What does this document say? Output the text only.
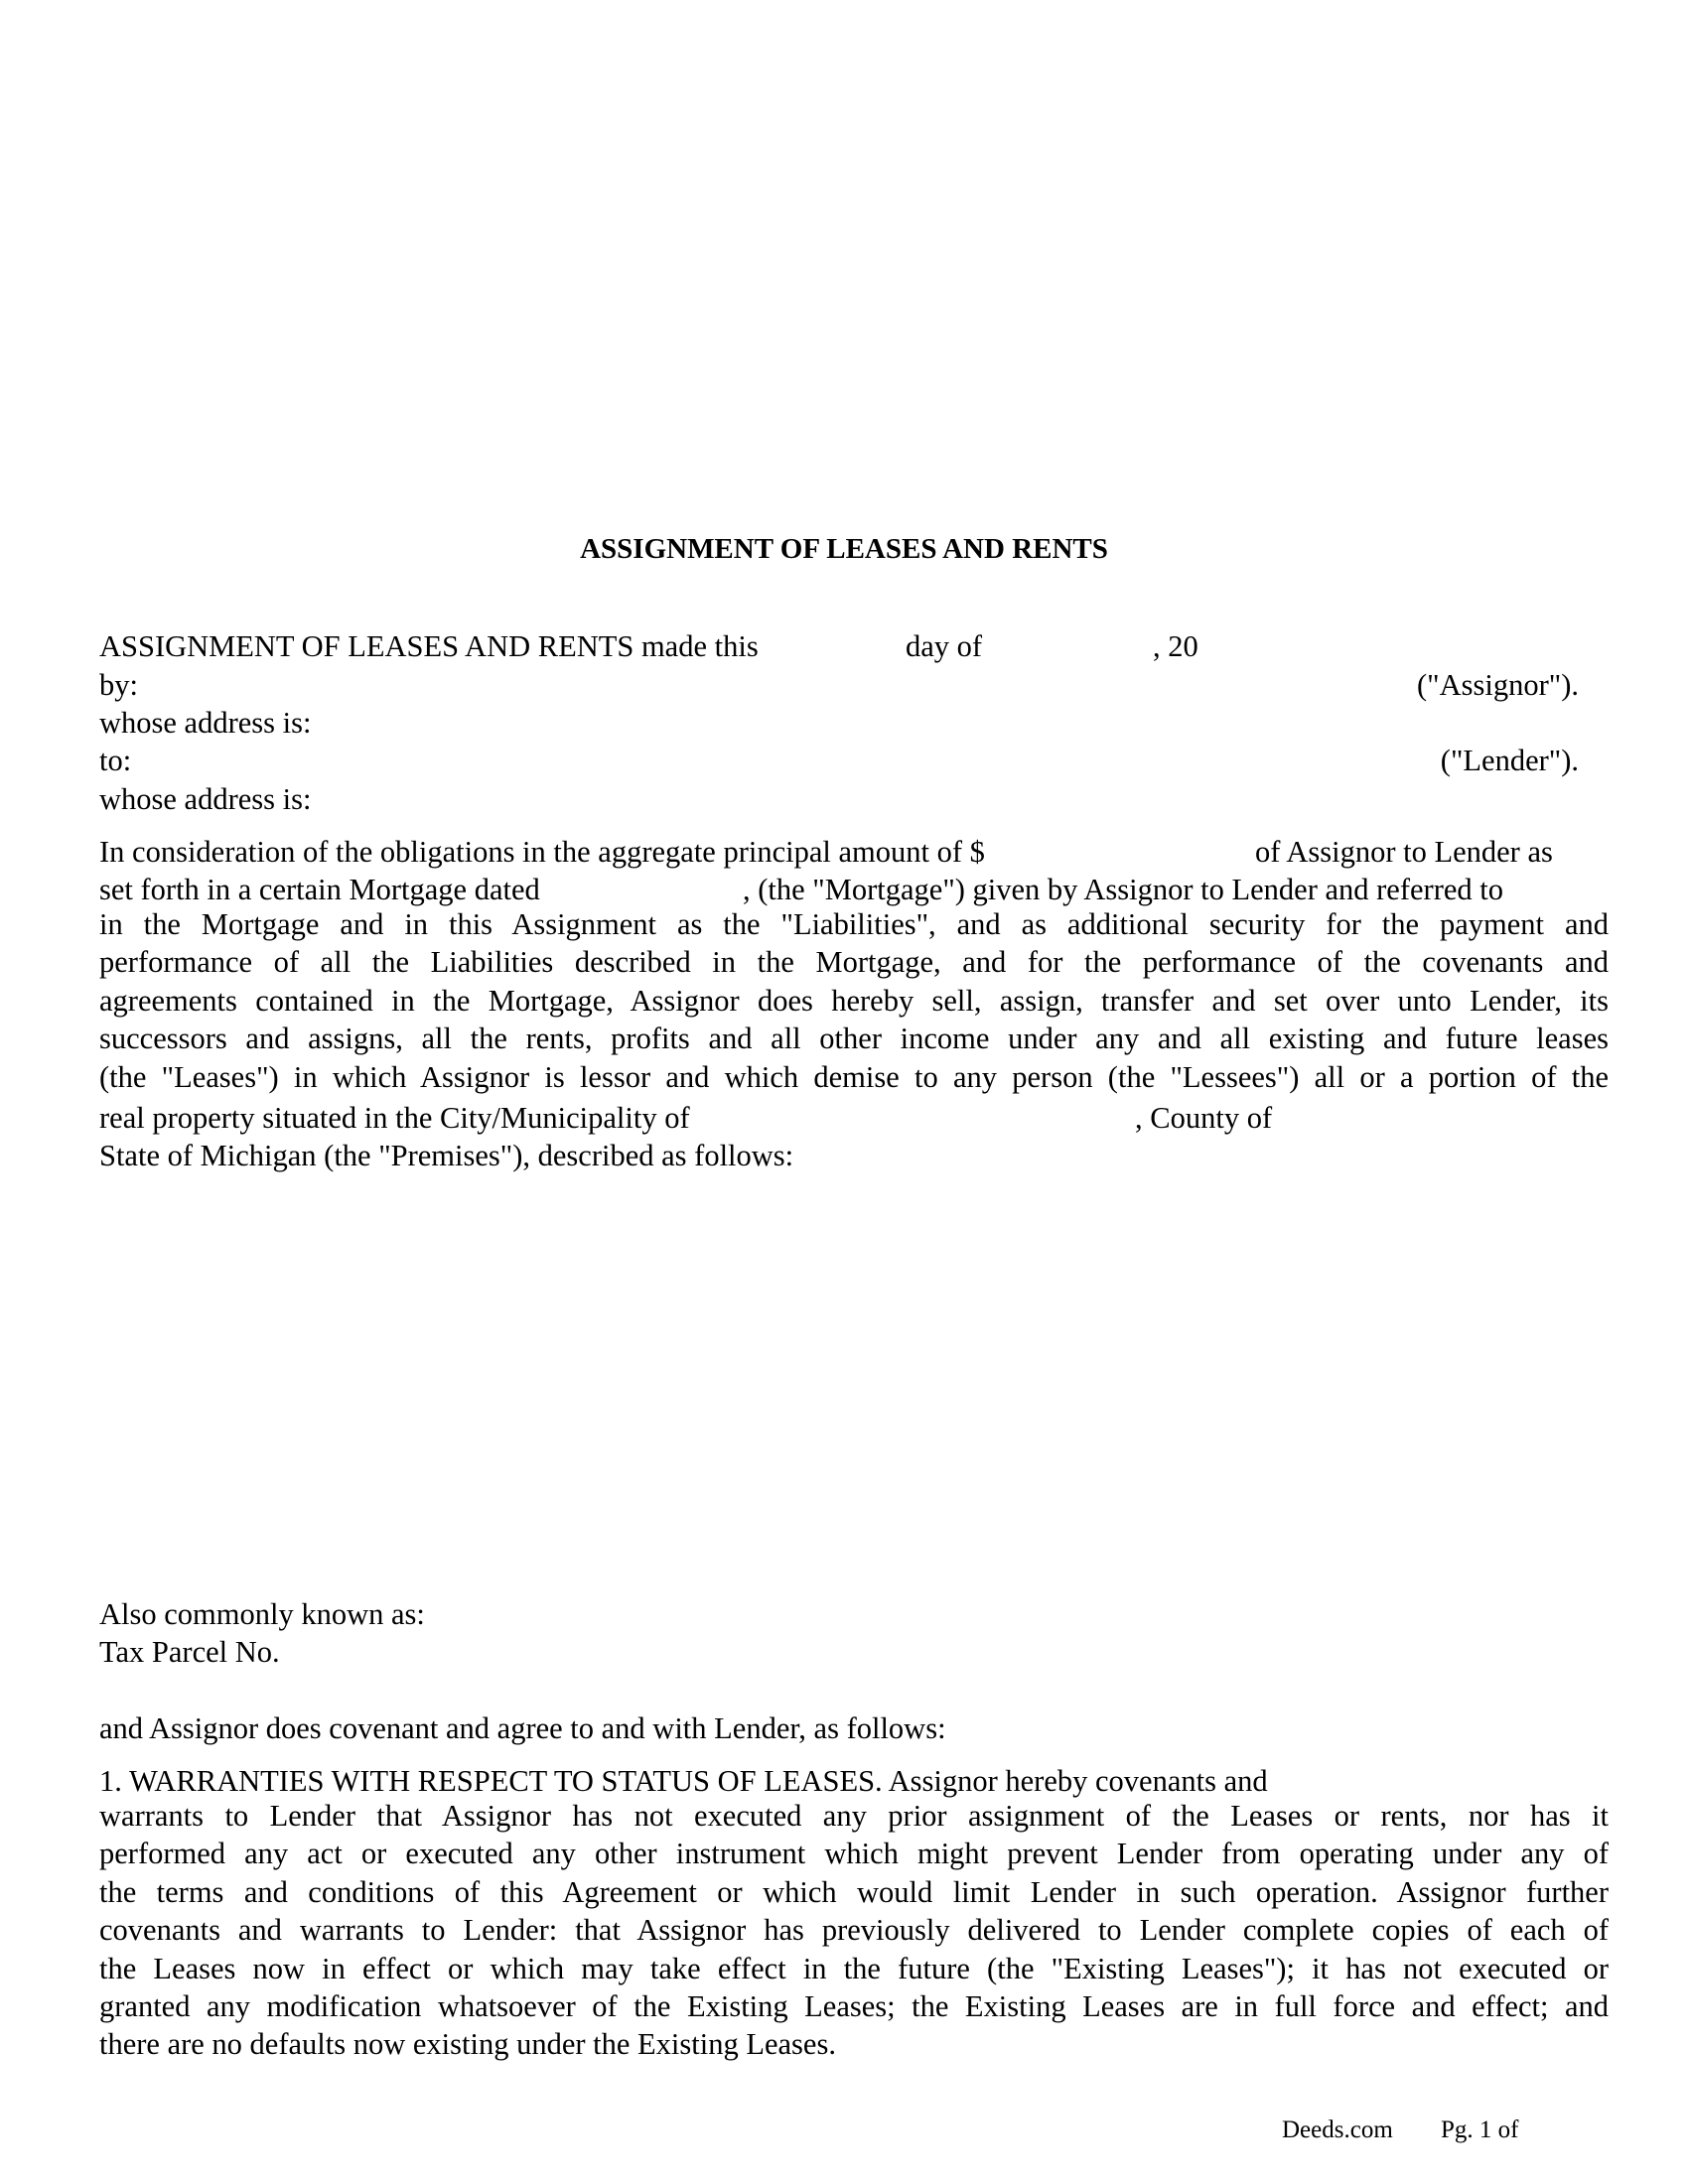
ASSIGNMENT OF LEASES AND RENTS
ASSIGNMENT OF LEASES AND RENTS made this	day of	, 20
by:	("Assignor").
whose address is:
to:	("Lender").
whose address is:
In consideration of the obligations in the aggregate principal amount of $	of Assignor to Lender as
set forth in a certain Mortgage dated	, (the "Mortgage") given by Assignor to Lender and referred to
in the Mortgage and in this Assignment as the "Liabilities", and as additional security for the payment and
performance of all the Liabilities described in the Mortgage, and for the performance of the covenants and
agreements contained in the Mortgage, Assignor does hereby sell, assign, transfer and set over unto Lender, its
successors and assigns, all the rents, profits and all other income under any and all existing and future leases
(the "Leases") in which Assignor is lessor and which demise to any person (the "Lessees") all or a portion of the
real property situated in the City/Municipality of	, County of
State of Michigan (the "Premises"), described as follows:
Also commonly known as:
Tax Parcel No.
and Assignor does covenant and agree to and with Lender, as follows:
1. WARRANTIES WITH RESPECT TO STATUS OF LEASES. Assignor hereby covenants and
warrants to Lender that Assignor has not executed any prior assignment of the Leases or rents, nor has it
performed any act or executed any other instrument which might prevent Lender from operating under any of
the terms and conditions of this Agreement or which would limit Lender in such operation. Assignor further
covenants and warrants to Lender: that Assignor has previously delivered to Lender complete copies of each of
the Leases now in effect or which may take effect in the future (the "Existing Leases"); it has not executed or
granted any modification whatsoever of the Existing Leases; the Existing Leases are in full force and effect; and
there are no defaults now existing under the Existing Leases.
Deeds.com Pg. 1 of
